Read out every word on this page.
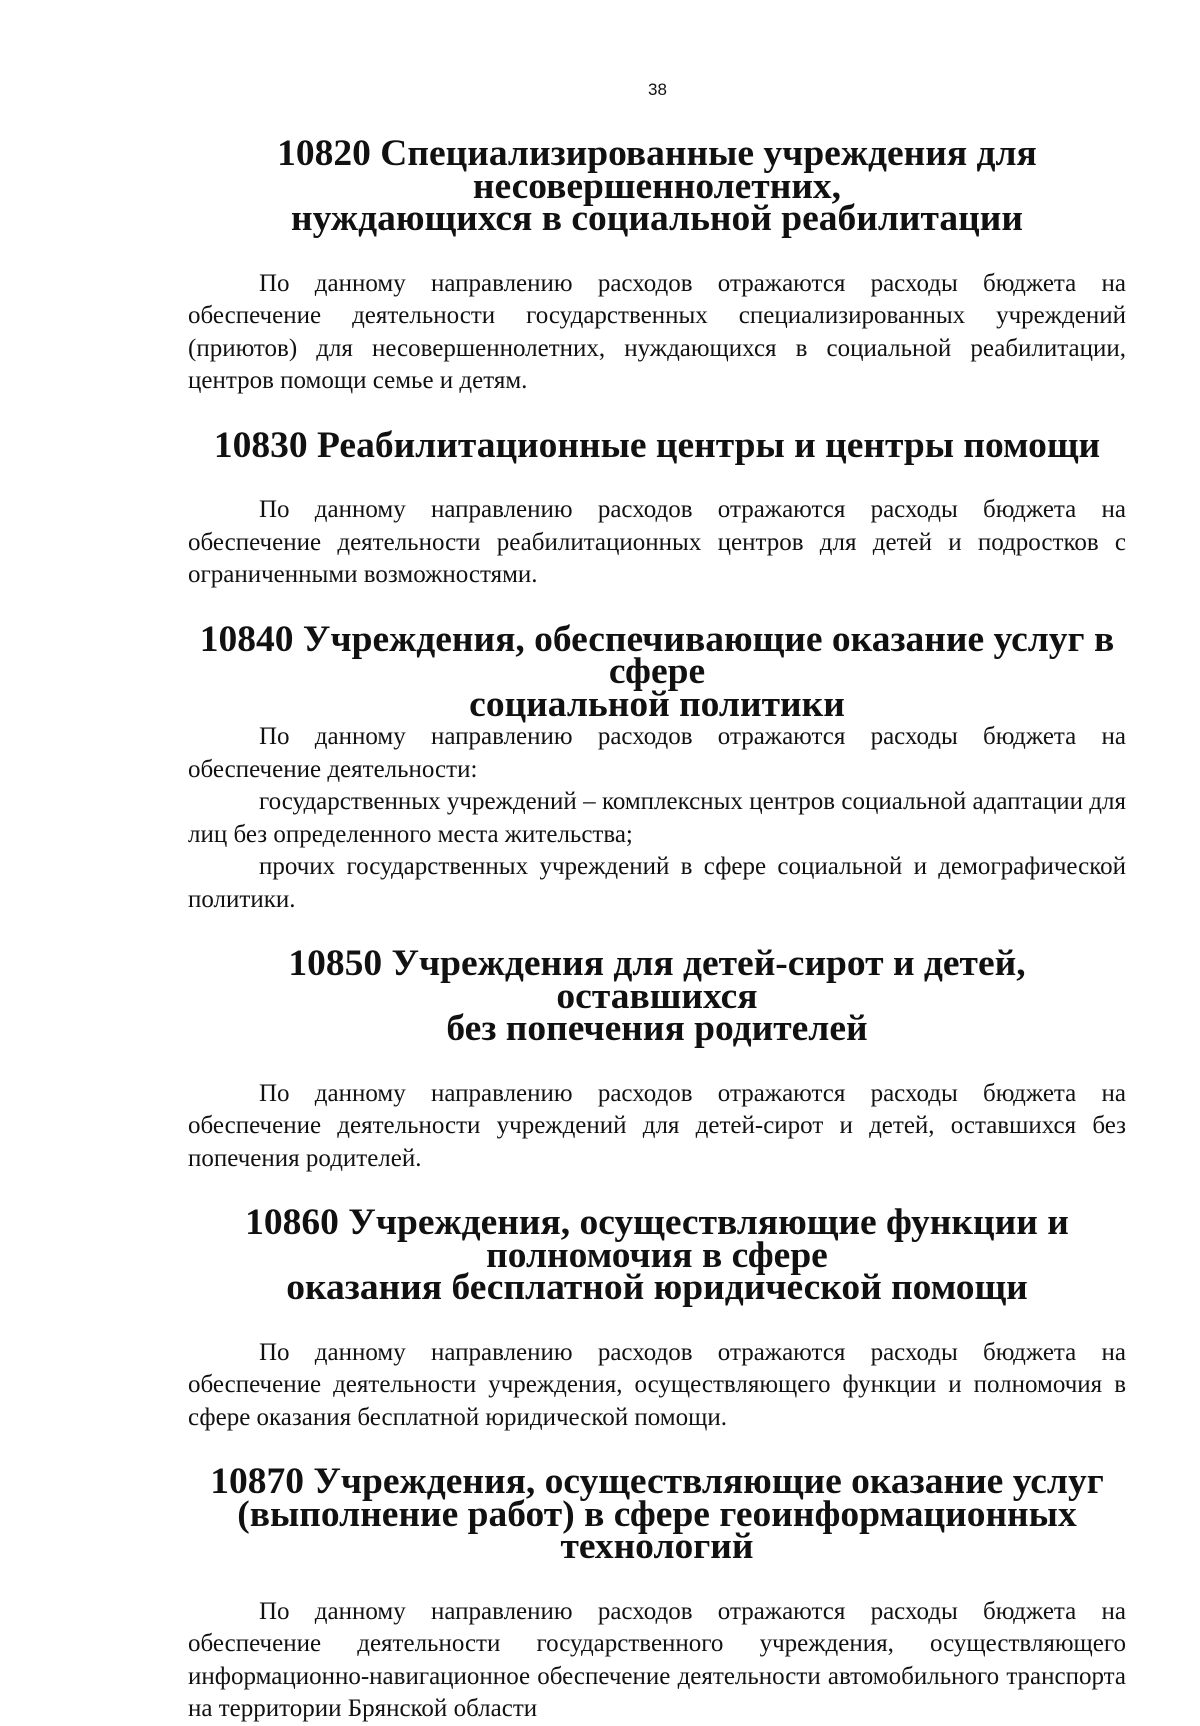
38
10820 Специализированные учреждения для несовершеннолетних,
нуждающихся в социальной реабилитации

По данному направлению расходов отражаются расходы бюджета на обеспечение деятельности государственных специализированных учреждений (приютов) для несовершеннолетних, нуждающихся в социальной реабилитации, центров помощи семье и детям.

10830 Реабилитационные центры и центры помощи

По данному направлению расходов отражаются расходы бюджета на обеспечение деятельности реабилитационных центров для детей и подростков с ограниченными возможностями.

10840 Учреждения, обеспечивающие оказание услуг в сфере
социальной политики

По данному направлению расходов отражаются расходы бюджета на обеспечение деятельности:

государственных учреждений – комплексных центров социальной адаптации для лиц без определенного места жительства;

прочих государственных учреждений в сфере социальной и демографической политики.

10850 Учреждения для детей-сирот и детей, оставшихся
без попечения родителей

По данному направлению расходов отражаются расходы бюджета на обеспечение деятельности учреждений для детей-сирот и детей, оставшихся без попечения родителей.

10860 Учреждения, осуществляющие функции и полномочия в сфере
оказания бесплатной юридической помощи

По данному направлению расходов отражаются расходы бюджета на обеспечение деятельности учреждения, осуществляющего функции и полномочия в сфере оказания бесплатной юридической помощи.

10870 Учреждения, осуществляющие оказание услуг
(выполнение работ) в сфере геоинформационных технологий

По данному направлению расходов отражаются расходы бюджета на обеспечение деятельности государственного учреждения, осуществляющего информационно-навигационное обеспечение деятельности автомобильного транспорта на территории Брянской области
